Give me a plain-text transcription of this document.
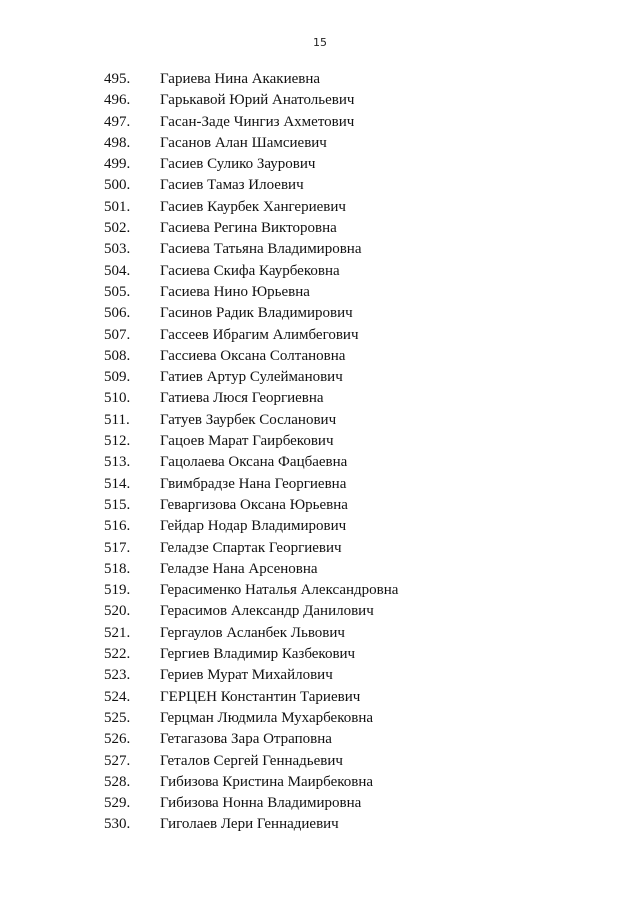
15
495. Гариева Нина Акакиевна
496. Гарькавой Юрий Анатольевич
497. Гасан-Заде Чингиз Ахметович
498. Гасанов Алан Шамсиевич
499. Гасиев Сулико Заурович
500. Гасиев Тамаз Илоевич
501. Гасиев Каурбек Хангериевич
502. Гасиева Регина Викторовна
503. Гасиева Татьяна Владимировна
504. Гасиева Скифа Каурбековна
505. Гасиева Нино Юрьевна
506. Гасинов Радик Владимирович
507. Гассеев Ибрагим Алимбегович
508. Гассиева Оксана Солтановна
509. Гатиев Артур Сулейманович
510. Гатиева Люся Георгиевна
511. Гатуев Заурбек Сосланович
512. Гацоев Марат Гаирбекович
513. Гацолаева Оксана Фацбаевна
514. Гвимбрадзе Нана Георгиевна
515. Геваргизова Оксана Юрьевна
516. Гейдар Нодар Владимирович
517. Геладзе Спартак Георгиевич
518. Геладзе Нана Арсеновна
519. Герасименко Наталья Александровна
520. Герасимов Александр Данилович
521. Гергаулов Асланбек Львович
522. Гергиев Владимир Казбекович
523. Гериев Мурат Михайлович
524. ГЕРЦЕН Константин Тариевич
525. Герцман Людмила Мухарбековна
526. Гетагазова Зара Отраповна
527. Геталов Сергей Геннадьевич
528. Гибизова Кристина Маирбековна
529. Гибизова Нонна Владимировна
530. Гиголаев Лери Геннадиевич
